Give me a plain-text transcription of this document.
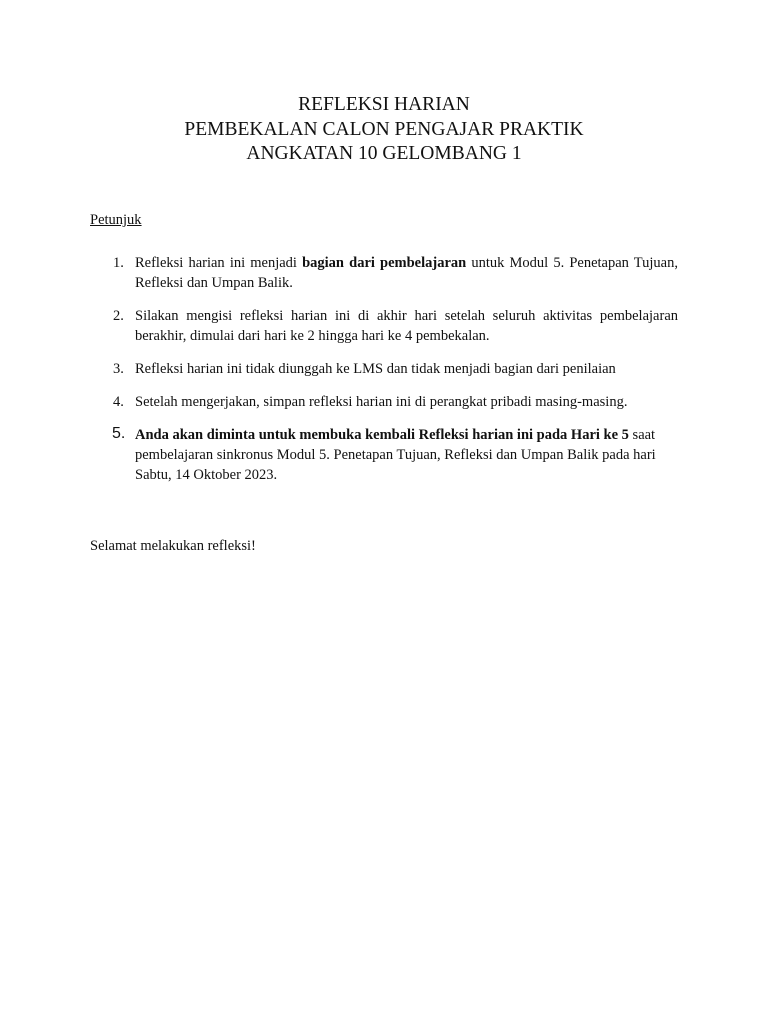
REFLEKSI HARIAN
PEMBEKALAN CALON PENGAJAR PRAKTIK
ANGKATAN 10 GELOMBANG 1
Petunjuk
1. Refleksi harian ini menjadi bagian dari pembelajaran untuk Modul 5. Penetapan Tujuan, Refleksi dan Umpan Balik.
2. Silakan mengisi refleksi harian ini di akhir hari setelah seluruh aktivitas pembelajaran berakhir, dimulai dari hari ke 2 hingga hari ke 4 pembekalan.
3. Refleksi harian ini tidak diunggah ke LMS dan tidak menjadi bagian dari penilaian
4. Setelah mengerjakan, simpan refleksi harian ini di perangkat pribadi masing-masing.
5. Anda akan diminta untuk membuka kembali Refleksi harian ini pada Hari ke 5 saat pembelajaran sinkronus Modul 5. Penetapan Tujuan, Refleksi dan Umpan Balik pada hari Sabtu, 14 Oktober 2023.
Selamat melakukan refleksi!
